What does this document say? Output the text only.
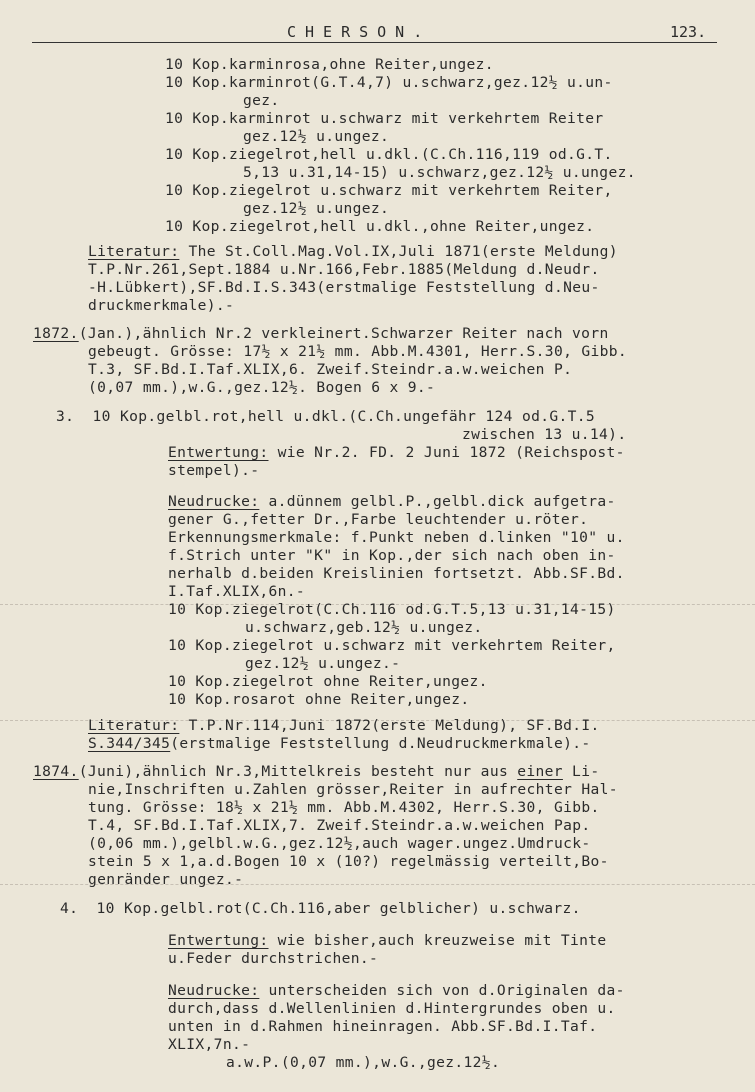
CHERSON.	123.
10 Kop.karminrosa,ohne Reiter,ungez.
10 Kop.karminrot(G.T.4,7) u.schwarz,gez.12½ u.un-
gez.
10 Kop.karminrot u.schwarz mit verkehrtem Reiter
gez.12½ u.ungez.
10 Kop.ziegelrot,hell u.dkl.(C.Ch.116,119 od.G.T.
5,13 u.31,14-15) u.schwarz,gez.12½ u.ungez.
10 Kop.ziegelrot u.schwarz mit verkehrtem Reiter,
gez.12½ u.ungez.
10 Kop.ziegelrot,hell u.dkl.,ohne Reiter,ungez.
Literatur: The St.Coll.Mag.Vol.IX,Juli 1871(erste Meldung)
T.P.Nr.261,Sept.1884 u.Nr.166,Febr.1885(Meldung d.Neudr.
-H.Lübkert),SF.Bd.I.S.343(erstmalige Feststellung d.Neu-
druckmerkmale).-
1872.(Jan.),ähnlich Nr.2 verkleinert.Schwarzer Reiter nach vorn
gebeugt. Grösse: 17½ x 21½ mm. Abb.M.4301, Herr.S.30, Gibb.
T.3, SF.Bd.I.Taf.XLIX,6. Zweif.Steindr.a.w.weichen P.
(0,07 mm.),w.G.,gez.12½. Bogen 6 x 9.-
3.  10 Kop.gelbl.rot,hell u.dkl.(C.Ch.ungefähr 124 od.G.T.5
zwischen 13 u.14).
Entwertung: wie Nr.2. FD. 2 Juni 1872 (Reichspost-
stempel).-
Neudrucke: a.dünnem gelbl.P.,gelbl.dick aufgetra-
gener G.,fetter Dr.,Farbe leuchtender u.röter.
Erkennungsmerkmale: f.Punkt neben d.linken "10" u.
f.Strich unter "K" in Kop.,der sich nach oben in-
nerhalb d.beiden Kreislinien fortsetzt. Abb.SF.Bd.
I.Taf.XLIX,6n.-
10 Kop.ziegelrot(C.Ch.116 od.G.T.5,13 u.31,14-15)
u.schwarz,geb.12½ u.ungez.
10 Kop.ziegelrot u.schwarz mit verkehrtem Reiter,
gez.12½ u.ungez.-
10 Kop.ziegelrot ohne Reiter,ungez.
10 Kop.rosarot ohne Reiter,ungez.
Literatur: T.P.Nr.114,Juni 1872(erste Meldung), SF.Bd.I.
S.344/345(erstmalige Feststellung d.Neudruckmerkmale).-
1874.(Juni),ähnlich Nr.3,Mittelkreis besteht nur aus einer Li-
nie,Inschriften u.Zahlen grösser,Reiter in aufrechter Hal-
tung. Grösse: 18½ x 21½ mm. Abb.M.4302, Herr.S.30, Gibb.
T.4, SF.Bd.I.Taf.XLIX,7. Zweif.Steindr.a.w.weichen Pap.
(0,06 mm.),gelbl.w.G.,gez.12½,auch wager.ungez.Umdruck-
stein 5 x 1,a.d.Bogen 10 x (10?) regelmässig verteilt,Bo-
genränder ungez.-
4.  10 Kop.gelbl.rot(C.Ch.116,aber gelblicher) u.schwarz.
Entwertung: wie bisher,auch kreuzweise mit Tinte
u.Feder durchstrichen.-
Neudrucke: unterscheiden sich von d.Originalen da-
durch,dass d.Wellenlinien d.Hintergrundes oben u.
unten in d.Rahmen hineinragen. Abb.SF.Bd.I.Taf.
XLIX,7n.-
a.w.P.(0,07 mm.),w.G.,gez.12½.
